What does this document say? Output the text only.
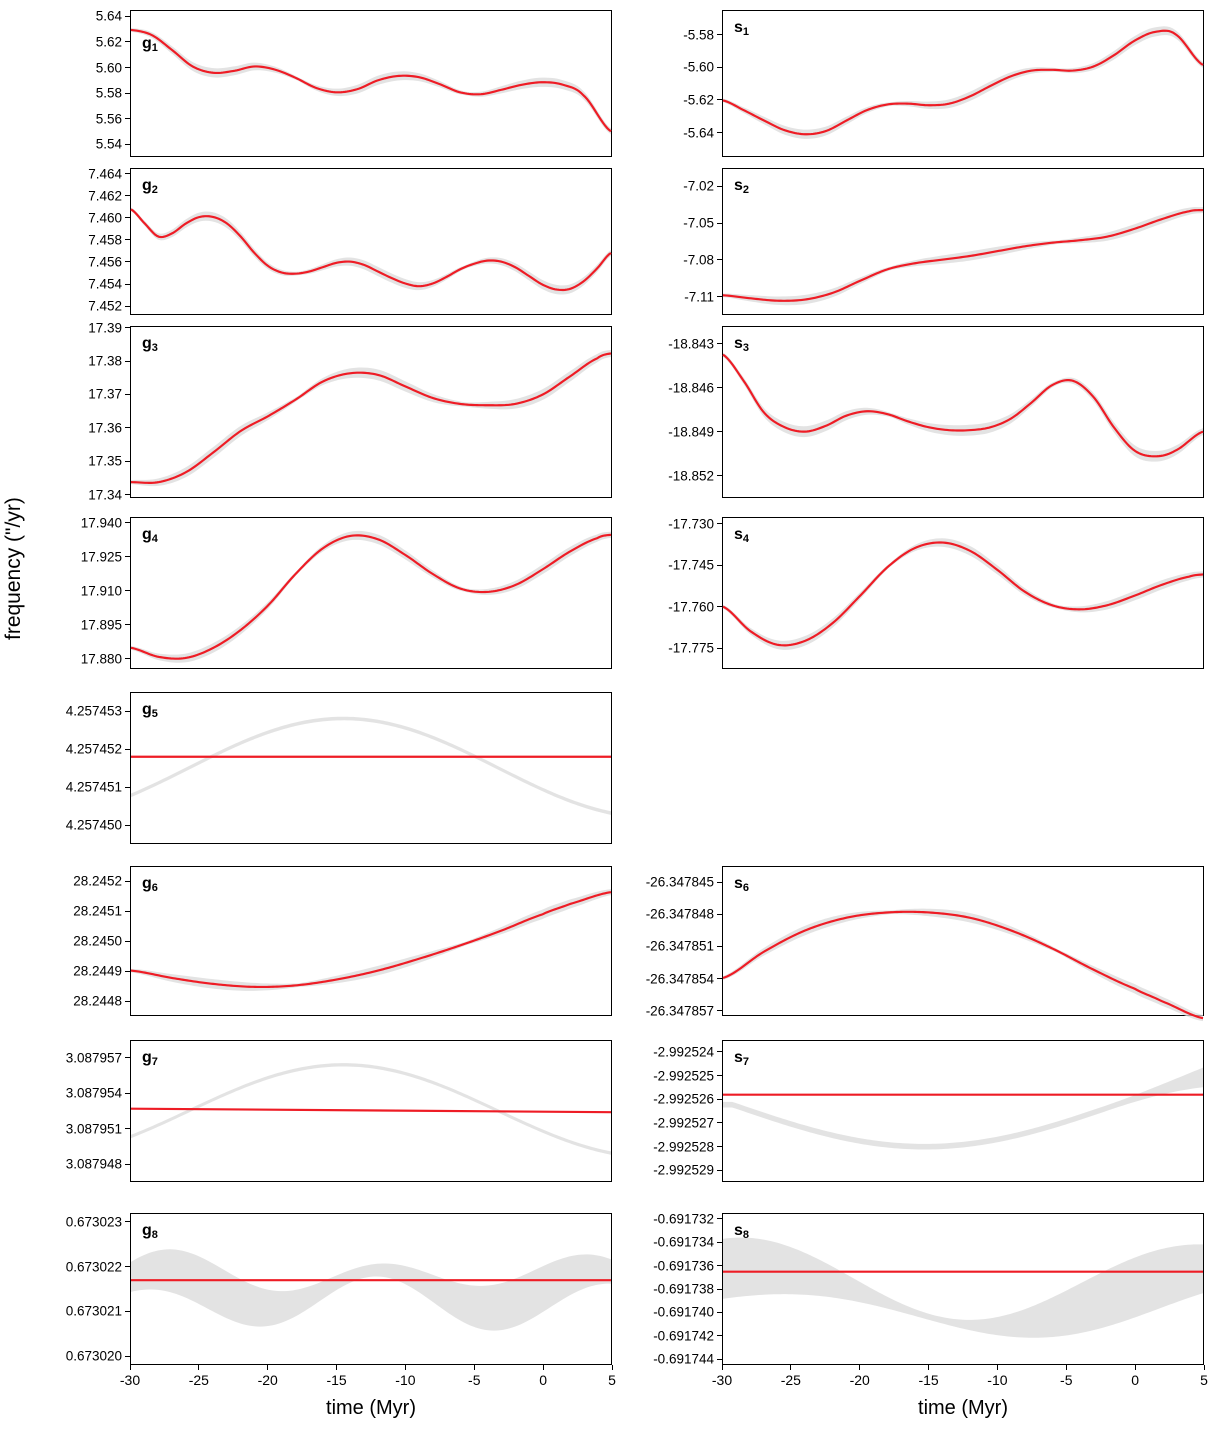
frequency ("/yr)
$g_1$
5.64
5.62
5.60
5.58
5.56
5.54
$s_1$
-5.58
-5.60
-5.62
-5.64
$g_2$
7.464
7.462
7.460
7.458
7.456
7.454
7.452
$s_2$
-7.02
-7.05
-7.08
-7.11
$g_3$
17.39
17.38
17.37
17.36
17.35
17.34
$s_3$
-18.843
-18.846
-18.849
-18.852
$g_4$
17.940
17.925
17.910
17.895
17.880
$s_4$
-17.730
-17.745
-17.760
-17.775
$g_5$
4.257453
4.257452
4.257451
4.257450
$g_6$
28.2452
28.2451
28.2450
28.2449
28.2448
$s_6$
-26.347845
-26.347848
-26.347851
-26.347854
-26.347857
$g_7$
3.087957
3.087954
3.087951
3.087948
$s_7$
-2.992524
-2.992525
-2.992526
-2.992527
-2.992528
-2.992529
$g_8$
0.673023
0.673022
0.673021
0.673020
$s_8$
-0.691732
-0.691734
-0.691736
-0.691738
-0.691740
-0.691742
-0.691744
-30	-25	-20	-15	-10	-5	0	5
time (Myr)
-30	-25	-20	-15	-10	-5	0	5
time (Myr)
